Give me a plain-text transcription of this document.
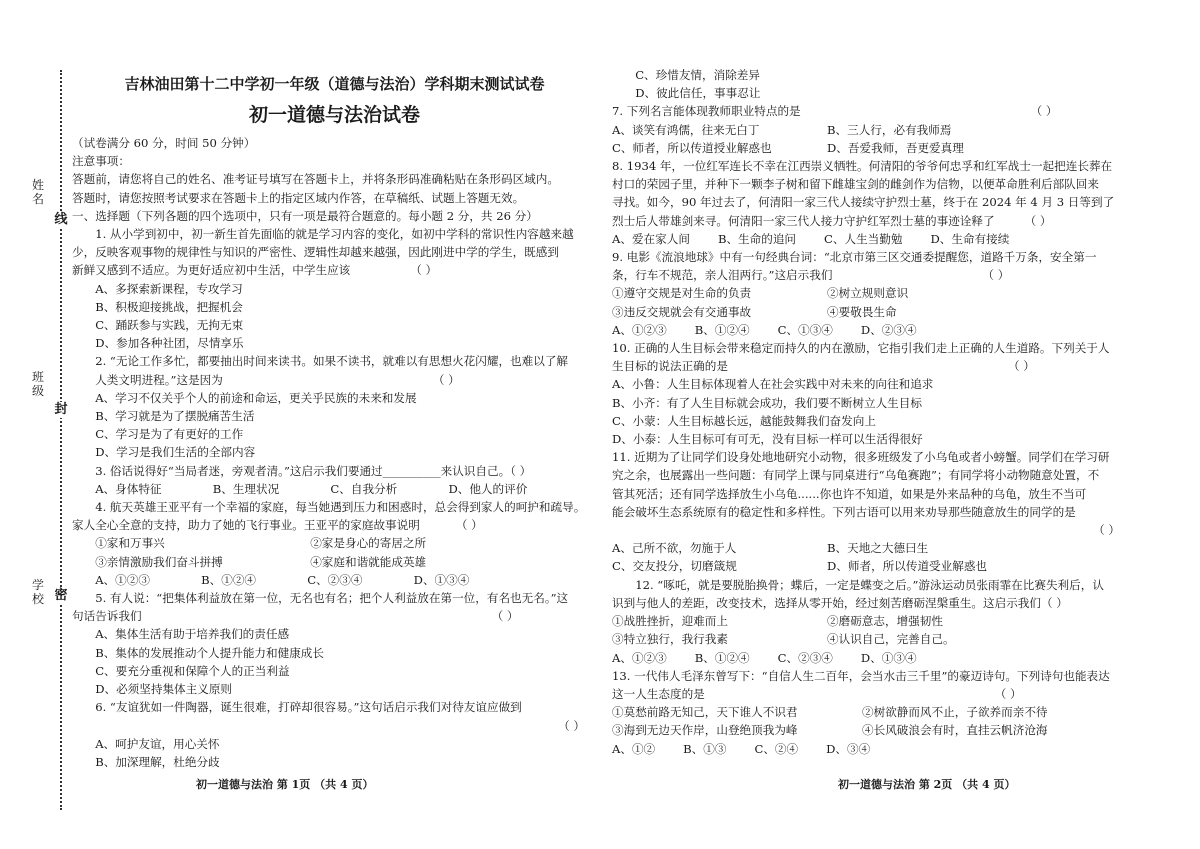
姓名
班级
学校
线
封
密
吉林油田第十二中学初一年级（道德与法治）学科期末测试试卷
初一道德与法治试卷

（试卷满分 60 分，时间 50 分钟）

注意事项：

答题前，请您将自己的姓名、准考证号填写在答题卡上，并将条形码准确粘贴在条形码区域内。

答题时，请您按照考试要求在答题卡上的指定区域内作答，在草稿纸、试题上答题无效。

一、选择题（下列各题的四个选项中，只有一项是最符合题意的。每小题 2 分，共 26 分）

1. 从小学到初中，初一新生首先面临的就是学习内容的变化，如初中学科的常识性内容越来越

少，反映客观事物的规律性与知识的严密性、逻辑性却越来越强，因此刚进中学的学生，既感到

新鲜又感到不适应。为更好适应初中生活，中学生应该	（ ）

A、多探索新课程，专攻学习

B、积极迎接挑战，把握机会

C、踊跃参与实践，无拘无束

D、参加各种社团，尽情享乐

2. “无论工作多忙，都要抽出时间来读书。如果不读书，就难以有思想火花闪耀，也难以了解

人类文明进程。”这是因为	（ ）

A、学习不仅关乎个人的前途和命运，更关乎民族的未来和发展

B、学习就是为了摆脱痛苦生活

C、学习是为了有更好的工作

D、学习是我们生活的全部内容

3. 俗话说得好“当局者迷，旁观者清。”这启示我们要通过__________来认识自己。（ ）

A、身体特征	B、生理状况	C、自我分析	D、他人的评价

4. 航天英雄王亚平有一个幸福的家庭，每当她遇到压力和困惑时，总会得到家人的呵护和疏导。

家人全心全意的支持，助力了她的飞行事业。王亚平的家庭故事说明	（ ）

①家和万事兴	②家是身心的寄居之所

③亲情激励我们奋斗拼搏	④家庭和谐就能成英雄

A、①②③	B、①②④	C、②③④	D、①③④

5. 有人说：“把集体利益放在第一位，无名也有名；把个人利益放在第一位，有名也无名。”这

句话告诉我们	（ ）

A、集体生活有助于培养我们的责任感

B、集体的发展推动个人提升能力和健康成长

C、要充分重视和保障个人的正当利益

D、必须坚持集体主义原则

6. “友谊犹如一件陶器，诞生很难，打碎却很容易。”这句话启示我们对待友谊应做到

（ ）

A、呵护友谊，用心关怀

B、加深理解，杜绝分歧

C、珍惜友情，消除差异

D、彼此信任，事事忍让

7. 下列名言能体现教师职业特点的是	（ ）

A、谈笑有鸿儒，往来无白丁	B、三人行，必有我师焉

C、师者，所以传道授业解惑也	D、吾爱我师，吾更爱真理

8. 1934 年，一位红军连长不幸在江西崇义牺牲。何清阳的爷爷何忠孚和红军战士一起把连长葬在

村口的荣园子里，并种下一颗李子树和留下雌雄宝剑的雌剑作为信物，以便革命胜利后部队回来

寻找。如今，90 年过去了，何清阳一家三代人接续守护烈士墓，终于在 2024 年 4 月 3 日等到了

烈士后人带雄剑来寻。何清阳一家三代人接力守护红军烈士墓的事迹诠释了	（ ）

A、爱在家人间 B、生命的追问 C、人生当勤勉 D、生命有接续

9. 电影《流浪地球》中有一句经典台词：“北京市第三区交通委提醒您，道路千万条，安全第一

条，行车不规范，亲人泪两行。”这启示我们	（ ）

①遵守交规是对生命的负责	②树立规则意识

③违反交规就会有交通事故	④要敬畏生命

A、①②③ B、①②④ C、①③④ D、②③④

10. 正确的人生目标会带来稳定而持久的内在激励，它指引我们走上正确的人生道路。下列关于人

生目标的说法正确的是	（ ）

A、小鲁：人生目标体现着人在社会实践中对未来的向往和追求

B、小齐：有了人生目标就会成功，我们要不断树立人生目标

C、小蒙：人生目标越长远，越能鼓舞我们奋发向上

D、小泰：人生目标可有可无，没有目标一样可以生活得很好

11. 近期为了让同学们设身处地地研究小动物，很多班级发了小乌龟或者小螃蟹。同学们在学习研

究之余，也展露出一些问题：有同学上课与同桌进行“乌龟赛跑”；有同学将小动物随意处置，不

管其死活；还有同学选择放生小乌龟......你也许不知道，如果是外来品种的乌龟，放生不当可

能会破坏生态系统原有的稳定性和多样性。下列古语可以用来劝导那些随意放生的同学的是

（ ）

A、己所不欲，勿施于人	B、天地之大德曰生

C、交友投分，切磨箴规	D、师者，所以传道受业解惑也

12. “啄吒，就是要脱胎换骨；蝶后，一定是蝶变之后。”游泳运动员张雨霏在比赛失利后，认

识到与他人的差距，改变技术，选择从零开始，经过刻苦磨砺涅槃重生。这启示我们（ ）

①战胜挫折，迎难而上	②磨砺意志，增强韧性

③特立独行，我行我素	④认识自己，完善自己。

A、①②③ B、①②④ C、②③④ D、①③④

13. 一代伟人毛泽东曾写下：“自信人生二百年，会当水击三千里”的豪迈诗句。下列诗句也能表达

这一人生态度的是	（ ）

①莫愁前路无知己，天下谁人不识君	②树欲静而风不止，子欲养而亲不待

③海到无边天作岸，山登绝顶我为峰	④长风破浪会有时，直挂云帆济沧海

A、①② B、①③ C、②④ D、③④

初一道德与法治 第 1页 （共 4 页）	初一道德与法治 第 2页 （共 4 页）
